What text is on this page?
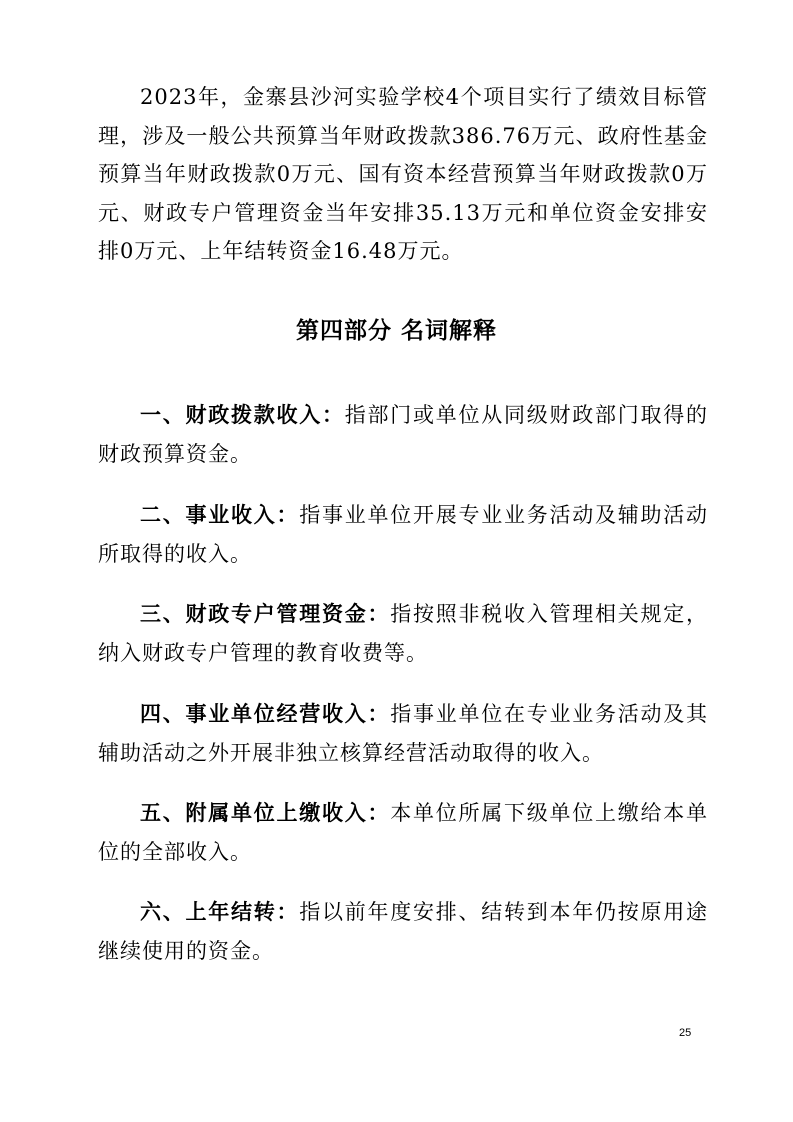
2023年，金寨县沙河实验学校4个项目实行了绩效目标管理，涉及一般公共预算当年财政拨款386.76万元、政府性基金预算当年财政拨款0万元、国有资本经营预算当年财政拨款0万元、财政专户管理资金当年安排35.13万元和单位资金安排安排0万元、上年结转资金16.48万元。

第四部分 名词解释

一、财政拨款收入：指部门或单位从同级财政部门取得的财政预算资金。

二、事业收入：指事业单位开展专业业务活动及辅助活动所取得的收入。

三、财政专户管理资金：指按照非税收入管理相关规定，纳入财政专户管理的教育收费等。

四、事业单位经营收入：指事业单位在专业业务活动及其辅助活动之外开展非独立核算经营活动取得的收入。

五、附属单位上缴收入：本单位所属下级单位上缴给本单位的全部收入。

六、上年结转：指以前年度安排、结转到本年仍按原用途继续使用的资金。

25
